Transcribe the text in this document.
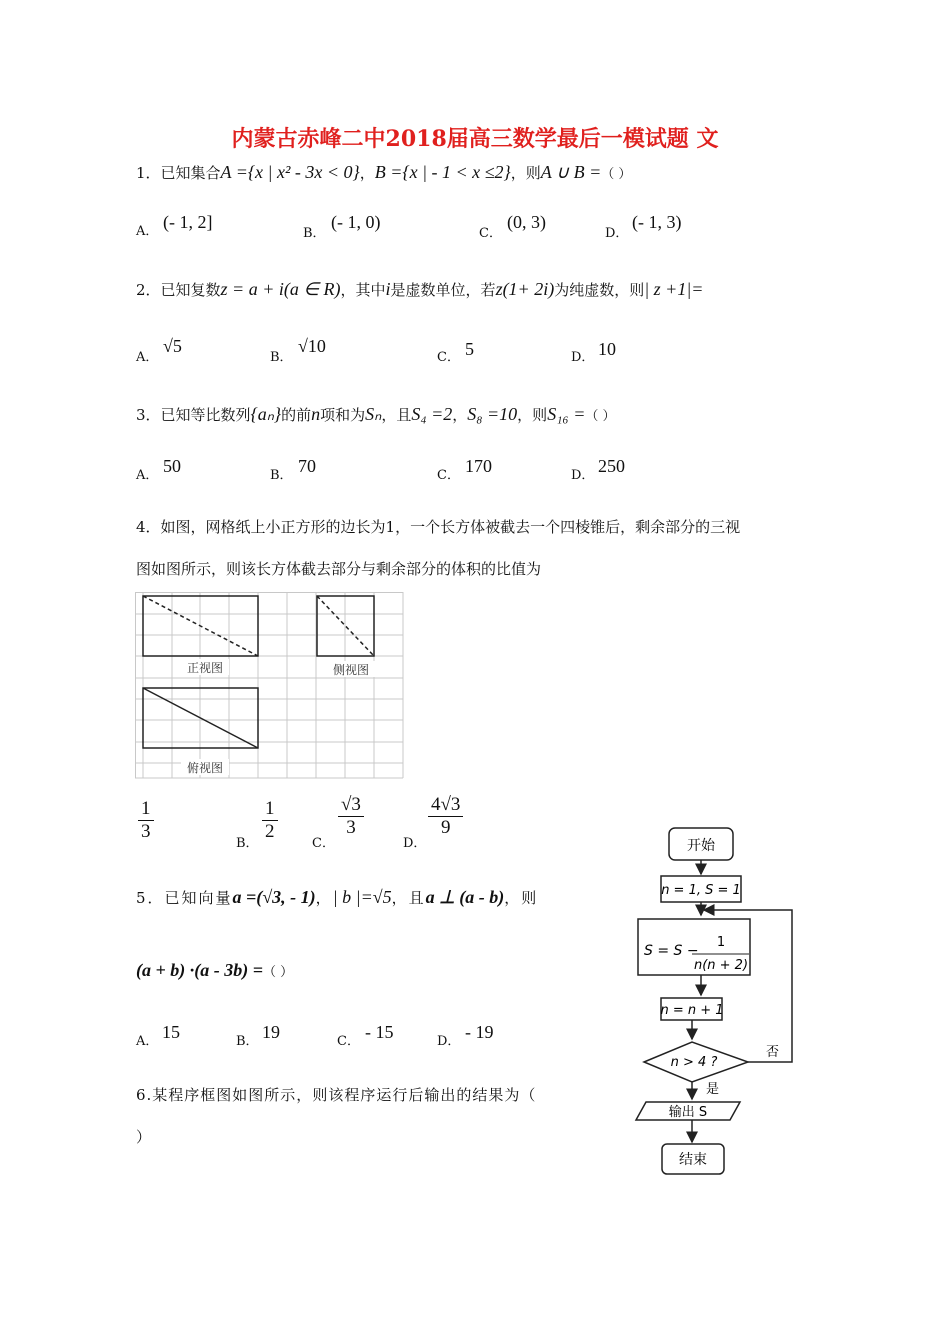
内蒙古赤峰二中2018届高三数学最后一模试题 文
1．已知集合A ={x | x² - 3x < 0}，B ={x | - 1 < x ≤2}，则A ∪ B =（ ）
A． (- 1, 2]
B．
(- 1, 0)
C．
(0, 3)
D．
(- 1, 3)
2．已知复数z = a + i(a ∈ R)，其中i是虚数单位，若z(1+ 2i)为纯虚数，则| z +1|=
A．
√5
B．
√10
C． 5	D． 10
3．已知等比数列{aₙ}的前n项和为Sₙ，且S₄ =2，S₈ =10，则S₁₆ =（ ）
A． 50	B． 70	C． 170	D． 250
4．如图，网格纸上小正方形的边长为1，一个长方体被截去一个四棱锥后，剩余部分的三视
图如图所示，则该长方体截去部分与剩余部分的体积的比值为
正视图	侧视图
俯视图
$\frac{1}{3}$
B．
$\frac{1}{2}$
C．
$\frac{√3}{3}$
D．
$\frac{4√3}{9}$
5．已知向量a =(√3, - 1)，| b |=√5，且a ⊥ (a - b)，则
(a + b) ·(a - 3b) =（ ）
A． 15	B． 19	C． - 15	D． - 19
6.某程序框图如图所示，则该程序运行后输出的结果为（
）
开始
n = 1, S = 1
S = S −
1
n(n + 2)
n = n + 1
n > 4 ?
是
否
输出 S
结束
